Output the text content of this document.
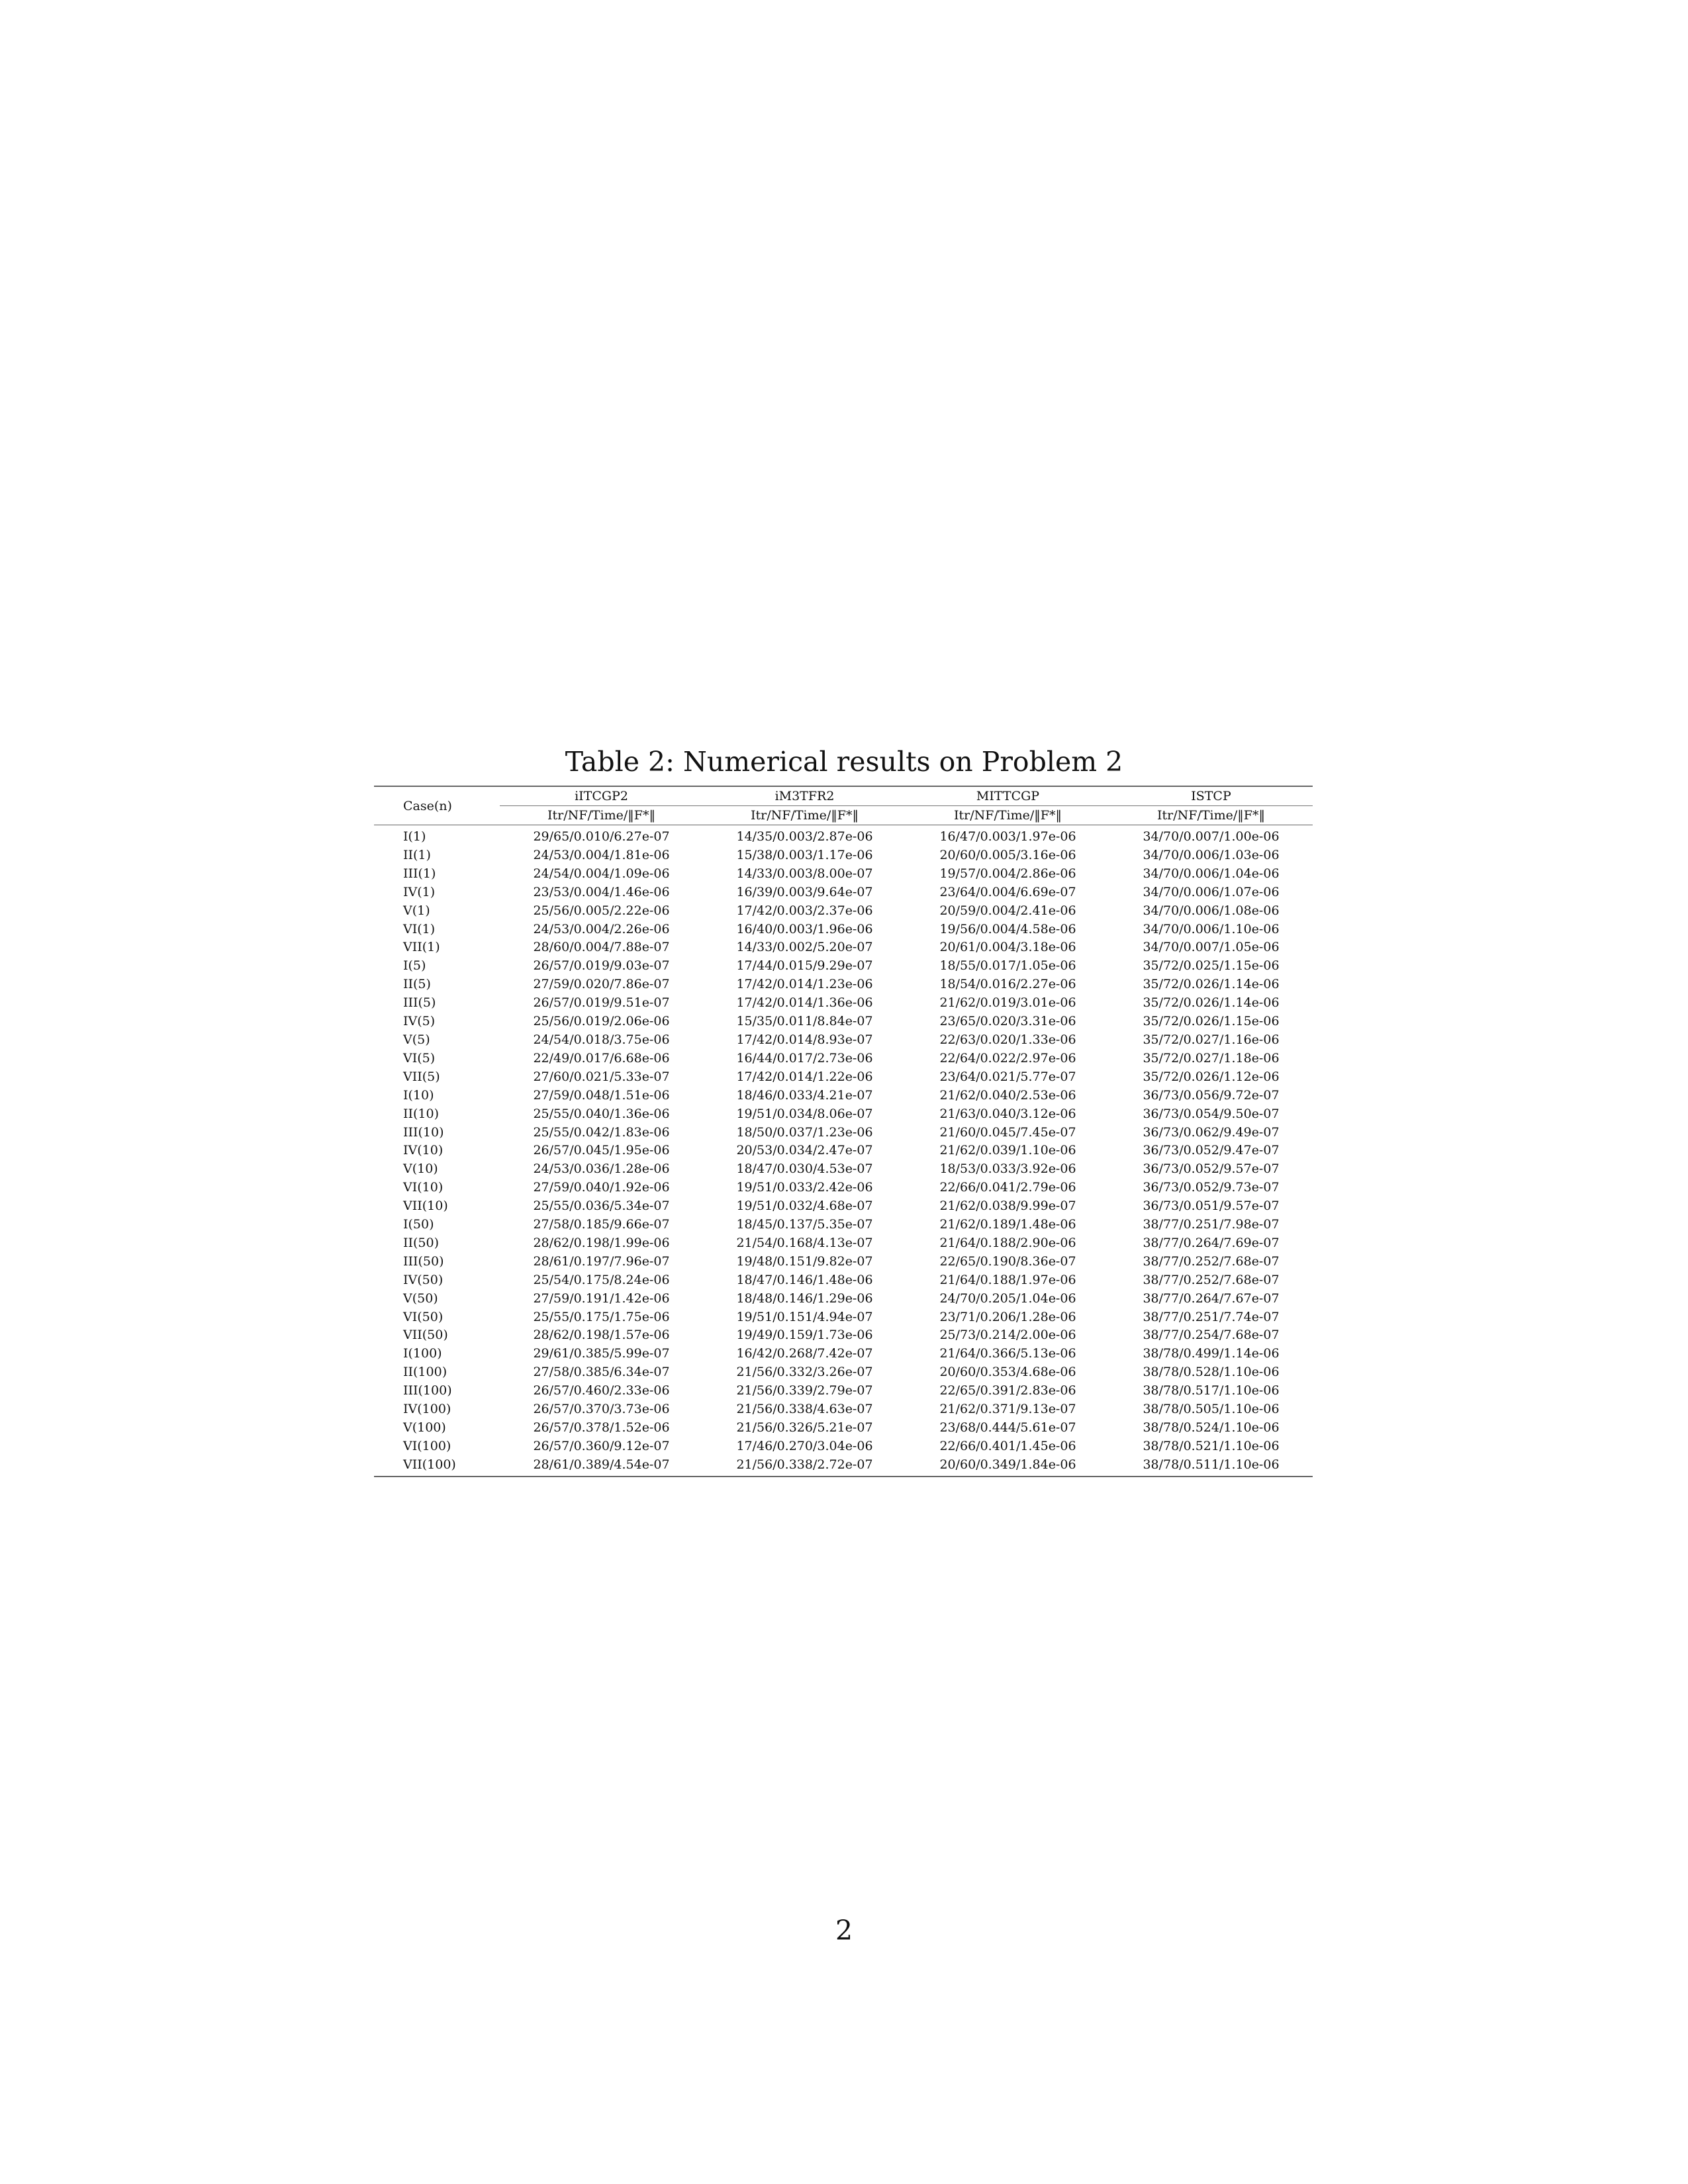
Table 2: Numerical results on Problem 2
Case(n)	iITCGP2	iM3TFR2	MITTCGP	ISTCP
	Itr/NF/Time/‖F*‖	Itr/NF/Time/‖F*‖	Itr/NF/Time/‖F*‖	Itr/NF/Time/‖F*‖
I(1)	29/65/0.010/6.27e-07	14/35/0.003/2.87e-06	16/47/0.003/1.97e-06	34/70/0.007/1.00e-06
II(1)	24/53/0.004/1.81e-06	15/38/0.003/1.17e-06	20/60/0.005/3.16e-06	34/70/0.006/1.03e-06
III(1)	24/54/0.004/1.09e-06	14/33/0.003/8.00e-07	19/57/0.004/2.86e-06	34/70/0.006/1.04e-06
IV(1)	23/53/0.004/1.46e-06	16/39/0.003/9.64e-07	23/64/0.004/6.69e-07	34/70/0.006/1.07e-06
V(1)	25/56/0.005/2.22e-06	17/42/0.003/2.37e-06	20/59/0.004/2.41e-06	34/70/0.006/1.08e-06
VI(1)	24/53/0.004/2.26e-06	16/40/0.003/1.96e-06	19/56/0.004/4.58e-06	34/70/0.006/1.10e-06
VII(1)	28/60/0.004/7.88e-07	14/33/0.002/5.20e-07	20/61/0.004/3.18e-06	34/70/0.007/1.05e-06
I(5)	26/57/0.019/9.03e-07	17/44/0.015/9.29e-07	18/55/0.017/1.05e-06	35/72/0.025/1.15e-06
II(5)	27/59/0.020/7.86e-07	17/42/0.014/1.23e-06	18/54/0.016/2.27e-06	35/72/0.026/1.14e-06
III(5)	26/57/0.019/9.51e-07	17/42/0.014/1.36e-06	21/62/0.019/3.01e-06	35/72/0.026/1.14e-06
IV(5)	25/56/0.019/2.06e-06	15/35/0.011/8.84e-07	23/65/0.020/3.31e-06	35/72/0.026/1.15e-06
V(5)	24/54/0.018/3.75e-06	17/42/0.014/8.93e-07	22/63/0.020/1.33e-06	35/72/0.027/1.16e-06
VI(5)	22/49/0.017/6.68e-06	16/44/0.017/2.73e-06	22/64/0.022/2.97e-06	35/72/0.027/1.18e-06
VII(5)	27/60/0.021/5.33e-07	17/42/0.014/1.22e-06	23/64/0.021/5.77e-07	35/72/0.026/1.12e-06
I(10)	27/59/0.048/1.51e-06	18/46/0.033/4.21e-07	21/62/0.040/2.53e-06	36/73/0.056/9.72e-07
II(10)	25/55/0.040/1.36e-06	19/51/0.034/8.06e-07	21/63/0.040/3.12e-06	36/73/0.054/9.50e-07
III(10)	25/55/0.042/1.83e-06	18/50/0.037/1.23e-06	21/60/0.045/7.45e-07	36/73/0.062/9.49e-07
IV(10)	26/57/0.045/1.95e-06	20/53/0.034/2.47e-07	21/62/0.039/1.10e-06	36/73/0.052/9.47e-07
V(10)	24/53/0.036/1.28e-06	18/47/0.030/4.53e-07	18/53/0.033/3.92e-06	36/73/0.052/9.57e-07
VI(10)	27/59/0.040/1.92e-06	19/51/0.033/2.42e-06	22/66/0.041/2.79e-06	36/73/0.052/9.73e-07
VII(10)	25/55/0.036/5.34e-07	19/51/0.032/4.68e-07	21/62/0.038/9.99e-07	36/73/0.051/9.57e-07
I(50)	27/58/0.185/9.66e-07	18/45/0.137/5.35e-07	21/62/0.189/1.48e-06	38/77/0.251/7.98e-07
II(50)	28/62/0.198/1.99e-06	21/54/0.168/4.13e-07	21/64/0.188/2.90e-06	38/77/0.264/7.69e-07
III(50)	28/61/0.197/7.96e-07	19/48/0.151/9.82e-07	22/65/0.190/8.36e-07	38/77/0.252/7.68e-07
IV(50)	25/54/0.175/8.24e-06	18/47/0.146/1.48e-06	21/64/0.188/1.97e-06	38/77/0.252/7.68e-07
V(50)	27/59/0.191/1.42e-06	18/48/0.146/1.29e-06	24/70/0.205/1.04e-06	38/77/0.264/7.67e-07
VI(50)	25/55/0.175/1.75e-06	19/51/0.151/4.94e-07	23/71/0.206/1.28e-06	38/77/0.251/7.74e-07
VII(50)	28/62/0.198/1.57e-06	19/49/0.159/1.73e-06	25/73/0.214/2.00e-06	38/77/0.254/7.68e-07
I(100)	29/61/0.385/5.99e-07	16/42/0.268/7.42e-07	21/64/0.366/5.13e-06	38/78/0.499/1.14e-06
II(100)	27/58/0.385/6.34e-07	21/56/0.332/3.26e-07	20/60/0.353/4.68e-06	38/78/0.528/1.10e-06
III(100)	26/57/0.460/2.33e-06	21/56/0.339/2.79e-07	22/65/0.391/2.83e-06	38/78/0.517/1.10e-06
IV(100)	26/57/0.370/3.73e-06	21/56/0.338/4.63e-07	21/62/0.371/9.13e-07	38/78/0.505/1.10e-06
V(100)	26/57/0.378/1.52e-06	21/56/0.326/5.21e-07	23/68/0.444/5.61e-07	38/78/0.524/1.10e-06
VI(100)	26/57/0.360/9.12e-07	17/46/0.270/3.04e-06	22/66/0.401/1.45e-06	38/78/0.521/1.10e-06
VII(100)	28/61/0.389/4.54e-07	21/56/0.338/2.72e-07	20/60/0.349/1.84e-06	38/78/0.511/1.10e-06
2
